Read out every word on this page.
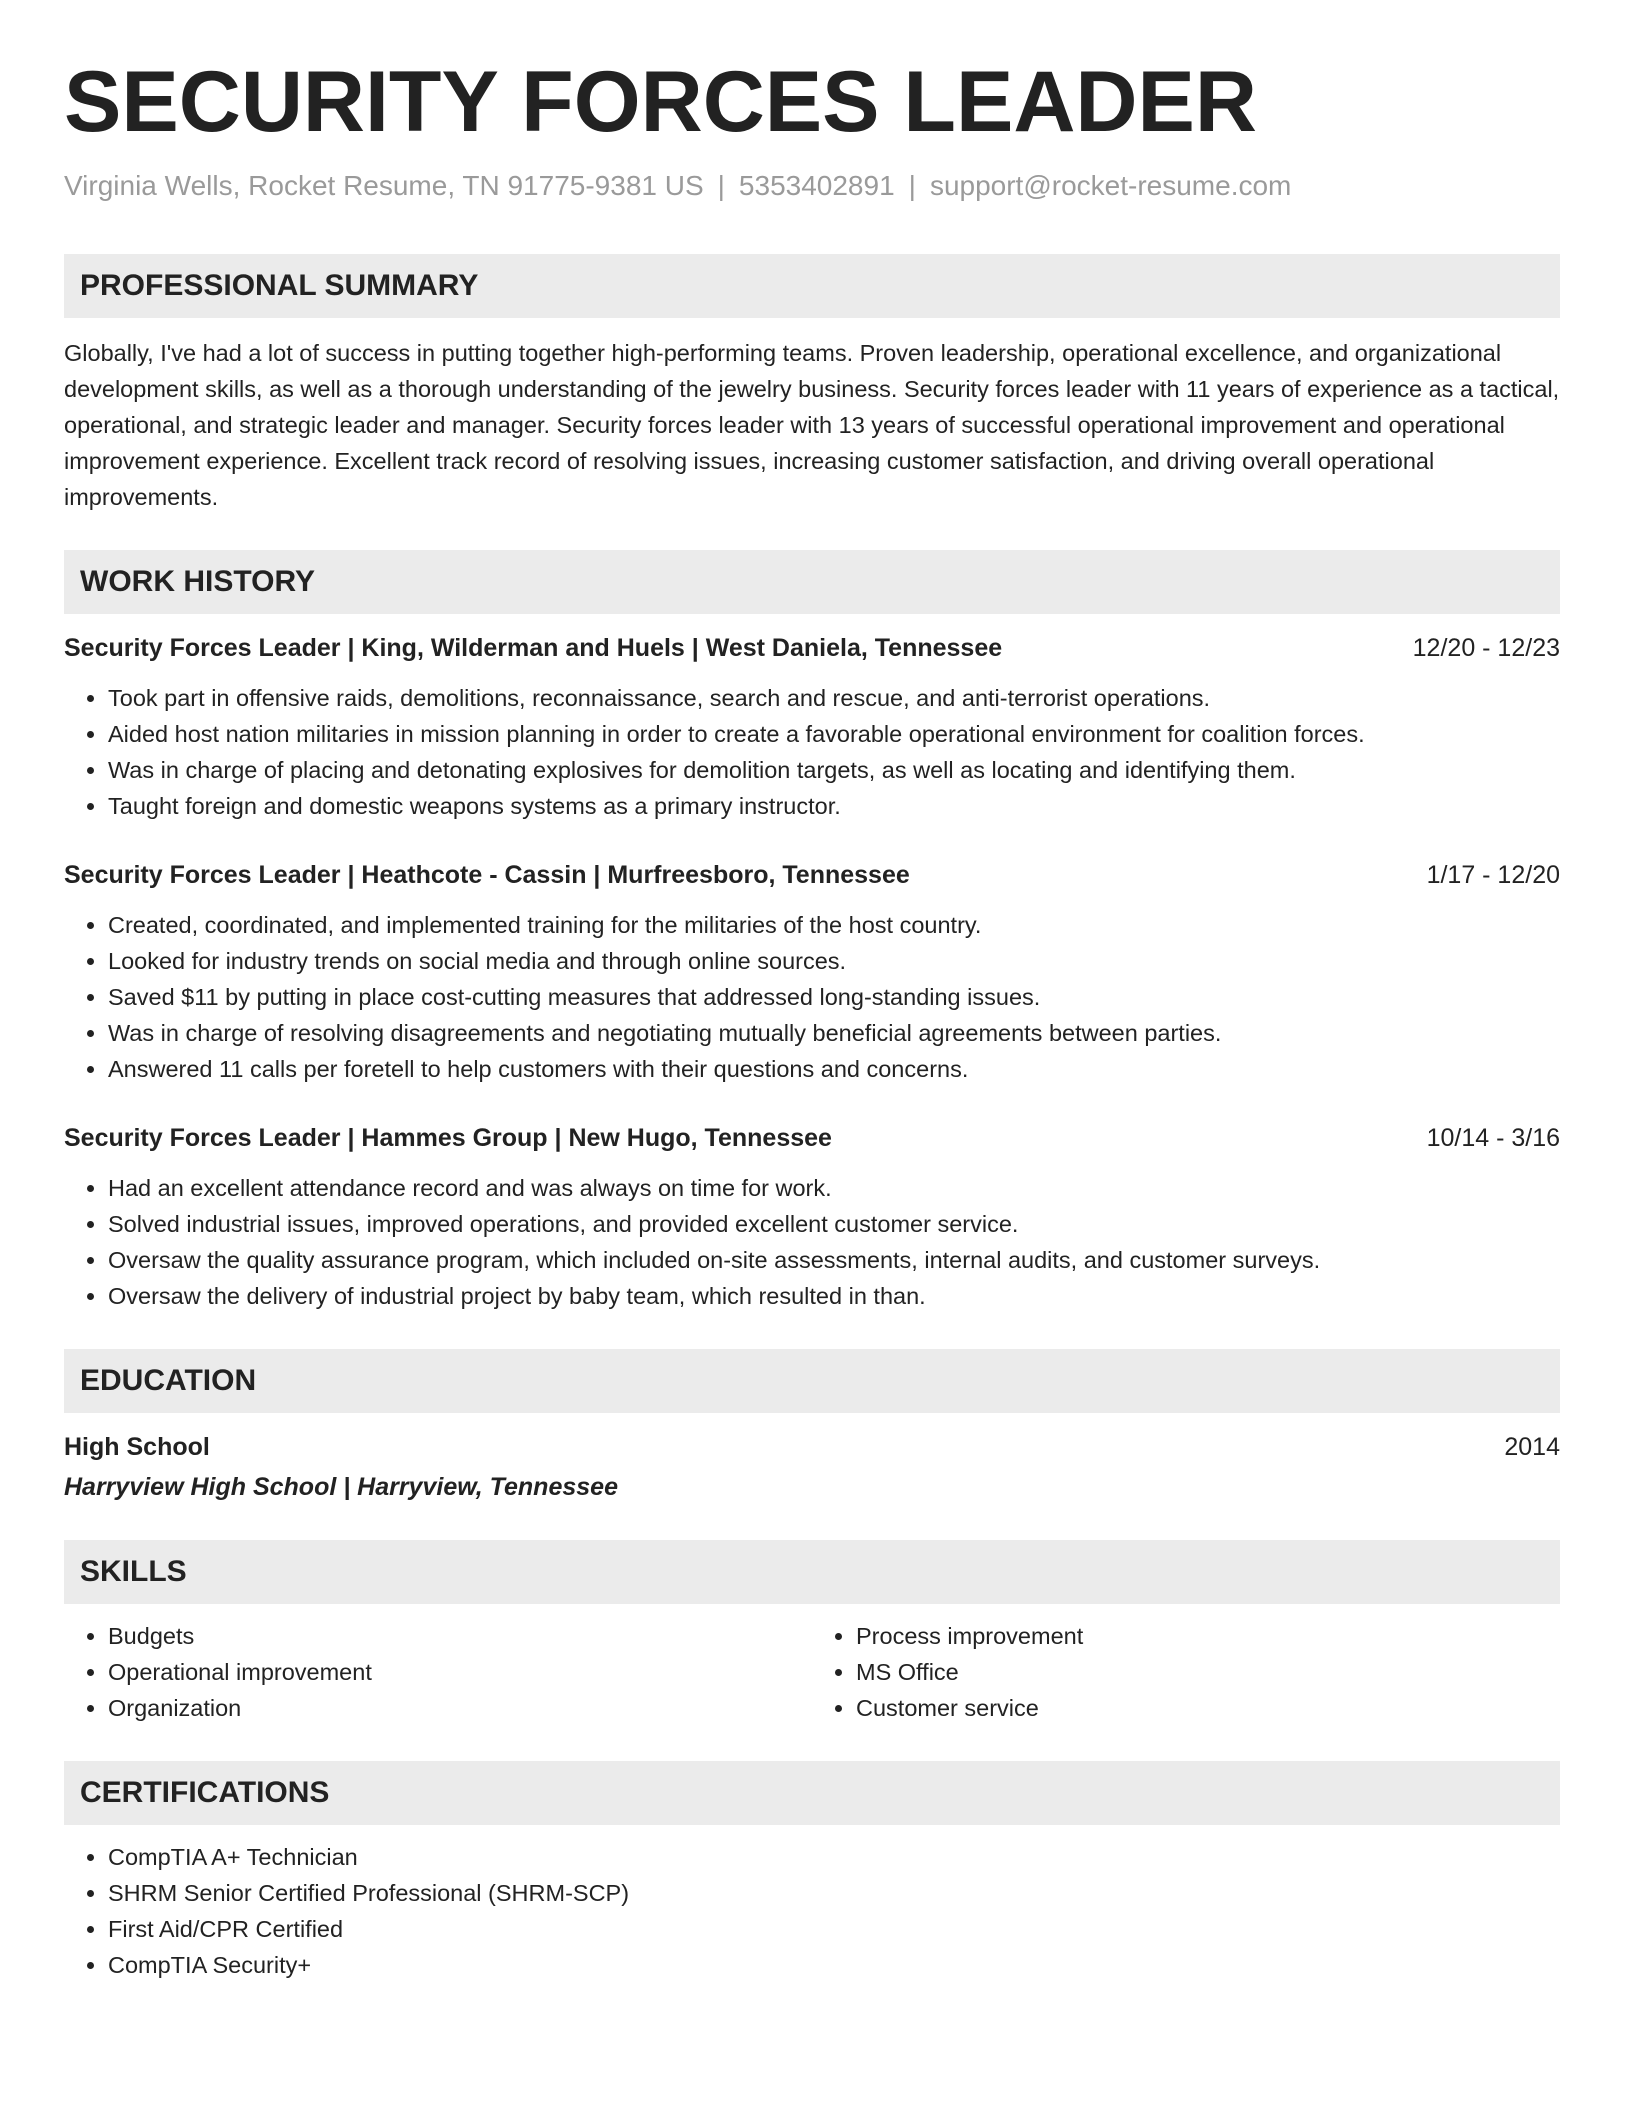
SECURITY FORCES LEADER
Virginia Wells, Rocket Resume, TN 91775-9381 US | 5353402891 | support@rocket-resume.com
PROFESSIONAL SUMMARY
Globally, I've had a lot of success in putting together high-performing teams. Proven leadership, operational excellence, and organizational development skills, as well as a thorough understanding of the jewelry business. Security forces leader with 11 years of experience as a tactical, operational, and strategic leader and manager. Security forces leader with 13 years of successful operational improvement and operational improvement experience. Excellent track record of resolving issues, increasing customer satisfaction, and driving overall operational improvements.
WORK HISTORY
Security Forces Leader | King, Wilderman and Huels | West Daniela, Tennessee	12/20 - 12/23
• Took part in offensive raids, demolitions, reconnaissance, search and rescue, and anti-terrorist operations.
• Aided host nation militaries in mission planning in order to create a favorable operational environment for coalition forces.
• Was in charge of placing and detonating explosives for demolition targets, as well as locating and identifying them.
• Taught foreign and domestic weapons systems as a primary instructor.
Security Forces Leader | Heathcote - Cassin | Murfreesboro, Tennessee	1/17 - 12/20
• Created, coordinated, and implemented training for the militaries of the host country.
• Looked for industry trends on social media and through online sources.
• Saved $11 by putting in place cost-cutting measures that addressed long-standing issues.
• Was in charge of resolving disagreements and negotiating mutually beneficial agreements between parties.
• Answered 11 calls per foretell to help customers with their questions and concerns.
Security Forces Leader | Hammes Group | New Hugo, Tennessee	10/14 - 3/16
• Had an excellent attendance record and was always on time for work.
• Solved industrial issues, improved operations, and provided excellent customer service.
• Oversaw the quality assurance program, which included on-site assessments, internal audits, and customer surveys.
• Oversaw the delivery of industrial project by baby team, which resulted in than.
EDUCATION
High School	2014
Harryview High School | Harryview, Tennessee
SKILLS
• Budgets
• Operational improvement
• Organization
• Process improvement
• MS Office
• Customer service
CERTIFICATIONS
• CompTIA A+ Technician
• SHRM Senior Certified Professional (SHRM-SCP)
• First Aid/CPR Certified
• CompTIA Security+
